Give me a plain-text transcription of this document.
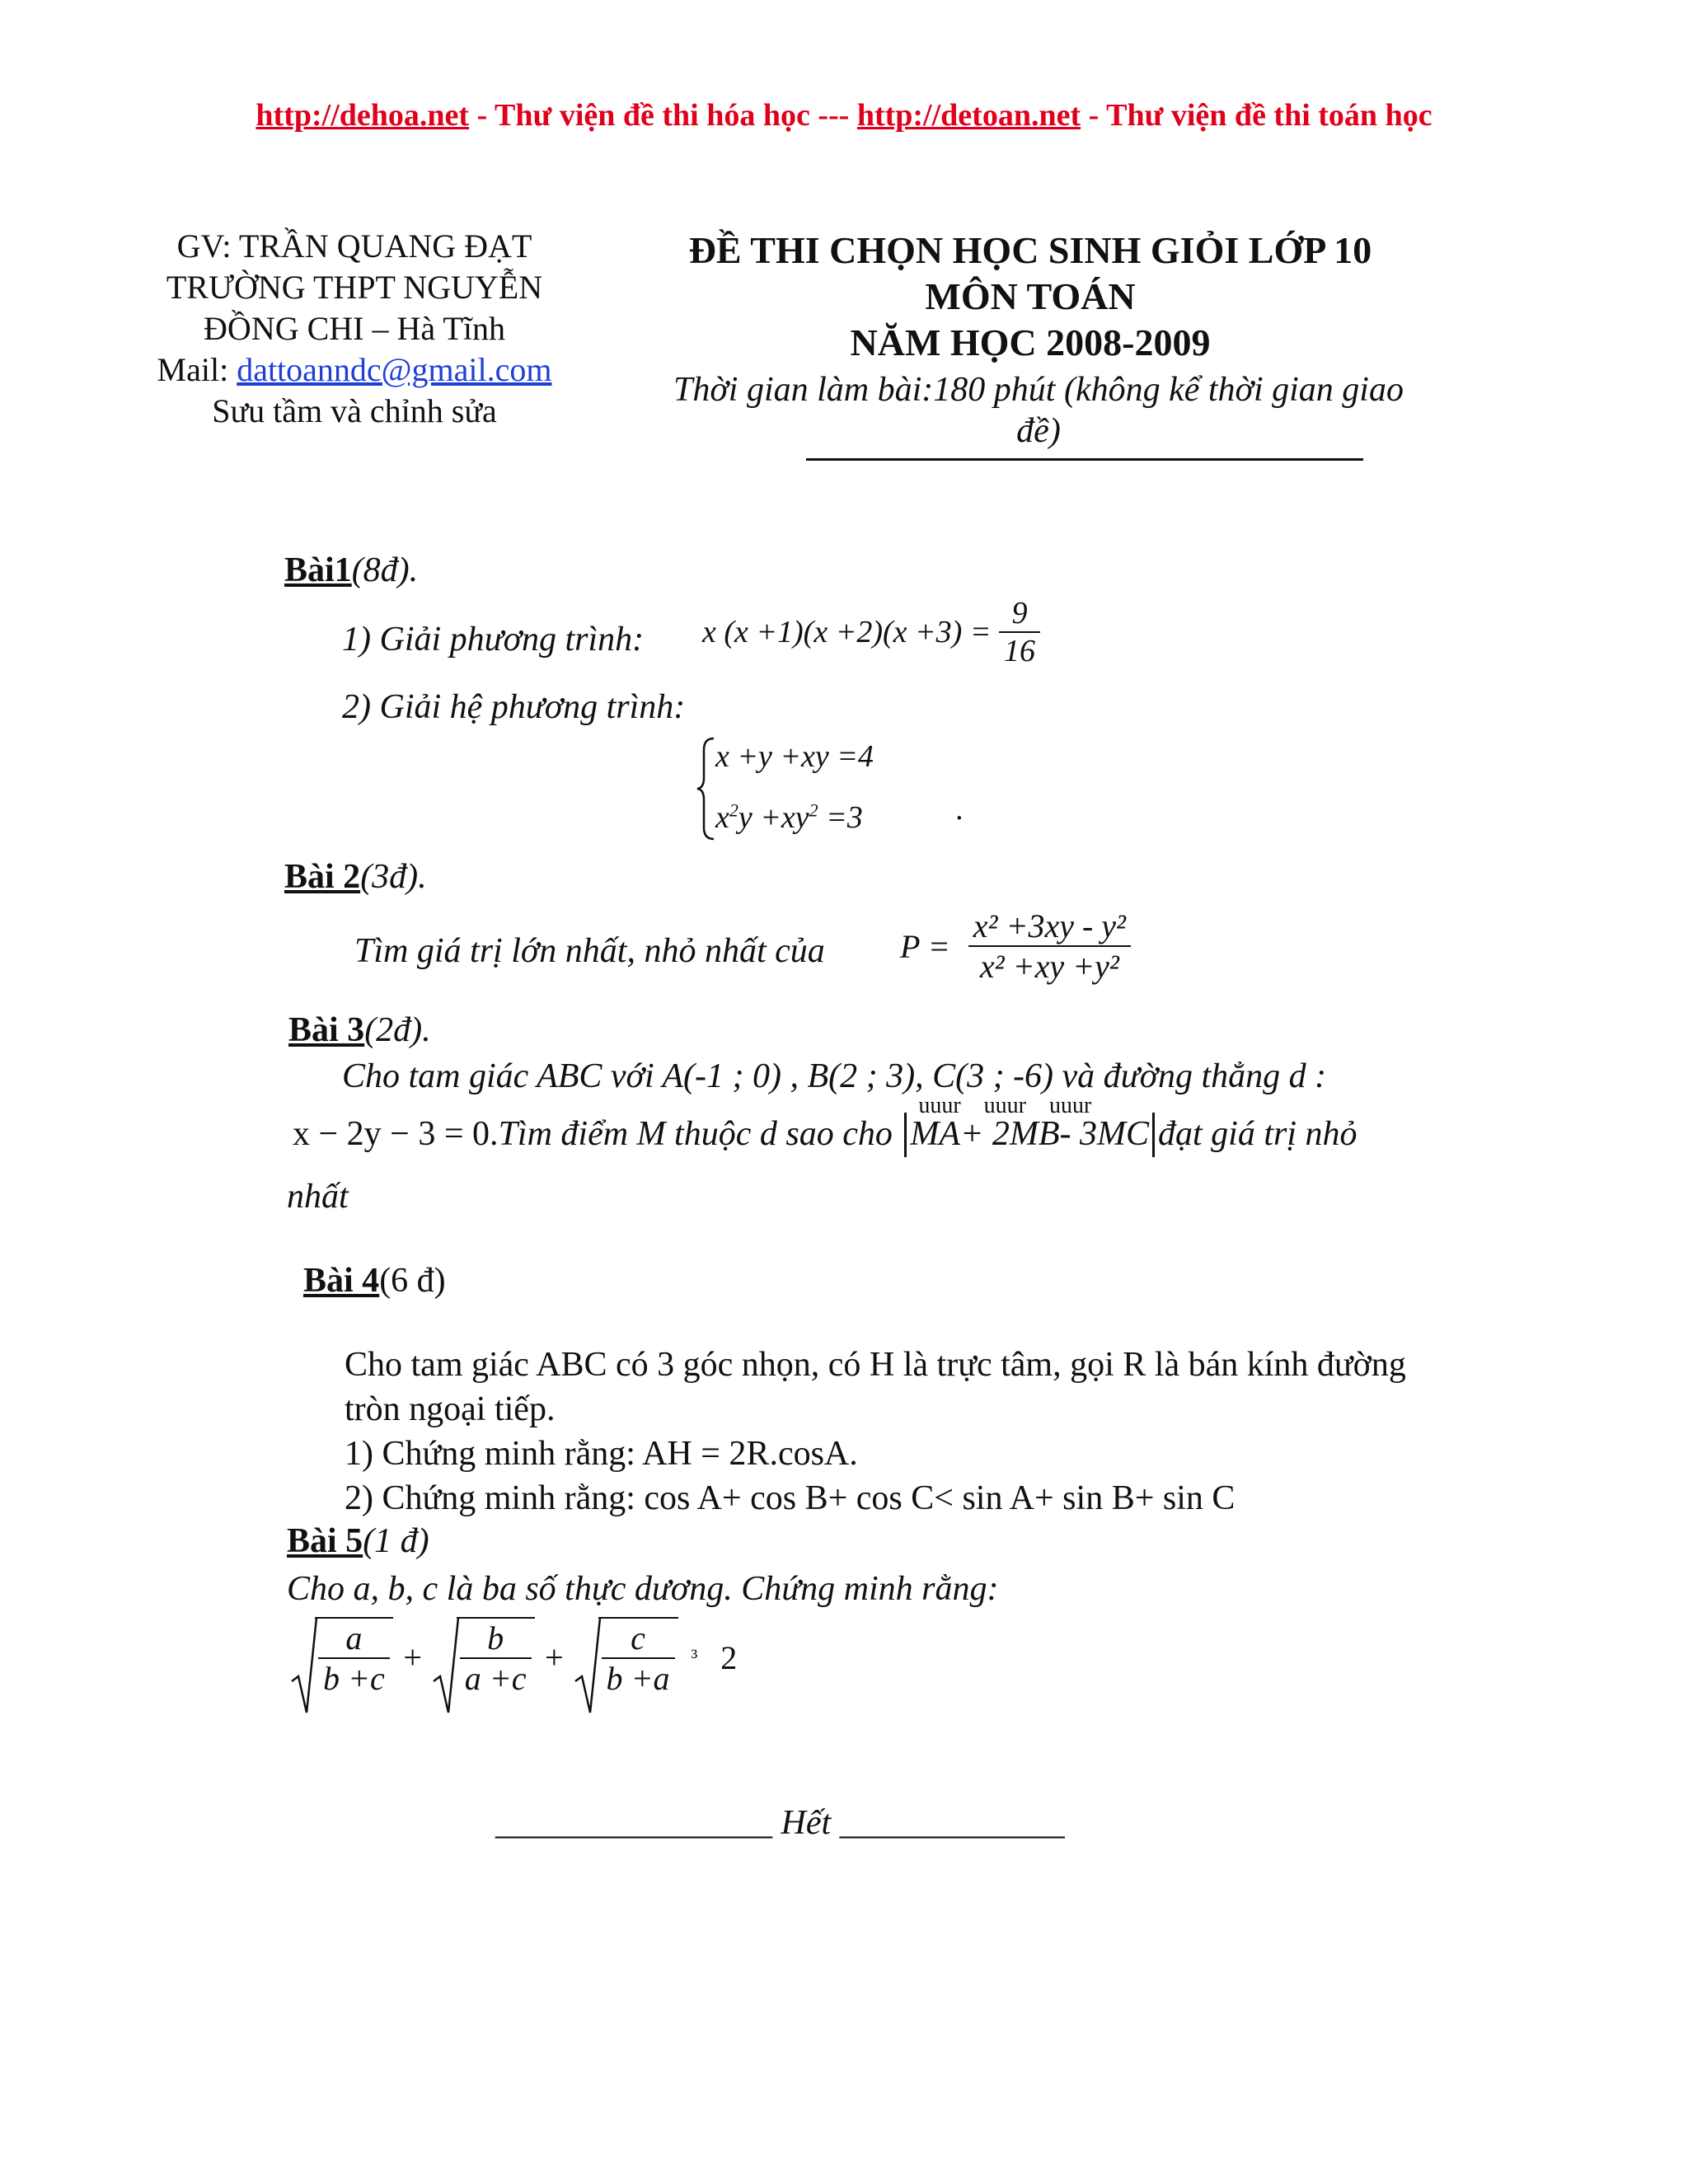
http://dehoa.net - Thư viện đề thi hóa học --- http://detoan.net - Thư viện đề thi toán học
GV: TRẦN QUANG ĐẠT
TRƯỜNG THPT NGUYỄN
ĐỒNG CHI – Hà Tĩnh
Mail: dattoanndc@gmail.com
Sưu tầm và chỉnh sửa
ĐỀ THI CHỌN HỌC SINH GIỎI LỚP 10
MÔN TOÁN
NĂM HỌC 2008-2009
Thời gian làm bài:180 phút (không kể thời gian giao
đề)
Bài1(8đ).
1) Giải phương trình: x $(x +1)(x +2)(x +3) = \frac{9}{16}$
2) Giải hệ phương trình:
x +y +xy =4
$x^2y +xy^2 =3$	.
Bài 2(3đ).
Tìm giá trị lớn nhất, nhỏ nhất của $P = \frac{\text{x² +3xy - y²}}{\text{x² +xy +y²}}$
Bài 3(2đ).
Cho tam giác ABC với A(-1 ; 0) , B(2 ; 3), C(3 ; -6) và đường thẳng d :
x − 2y − 3 = 0.Tìm điểm M thuộc d sao cho
uuur    uuur    uuur
MA+ 2MB- 3MC đạt giá trị nhỏ
nhất
Bài 4(6 đ)
Cho tam giác ABC có 3 góc nhọn, có H là trực tâm, gọi R là bán kính đường
tròn ngoại tiếp.
1) Chứng minh rằng: AH = 2R.cosA.
2) Chứng minh rằng: cos A+ cos B+ cos C< sin A+ sin B+ sin C
Bài 5(1 đ)
Cho a, b, c là ba số thực dương. Chứng minh rằng:
$\frac{a}{b +c} + \frac{b}{a +c} + \frac{c}{b +a} ^3$ 2

________________ Hết _____________
